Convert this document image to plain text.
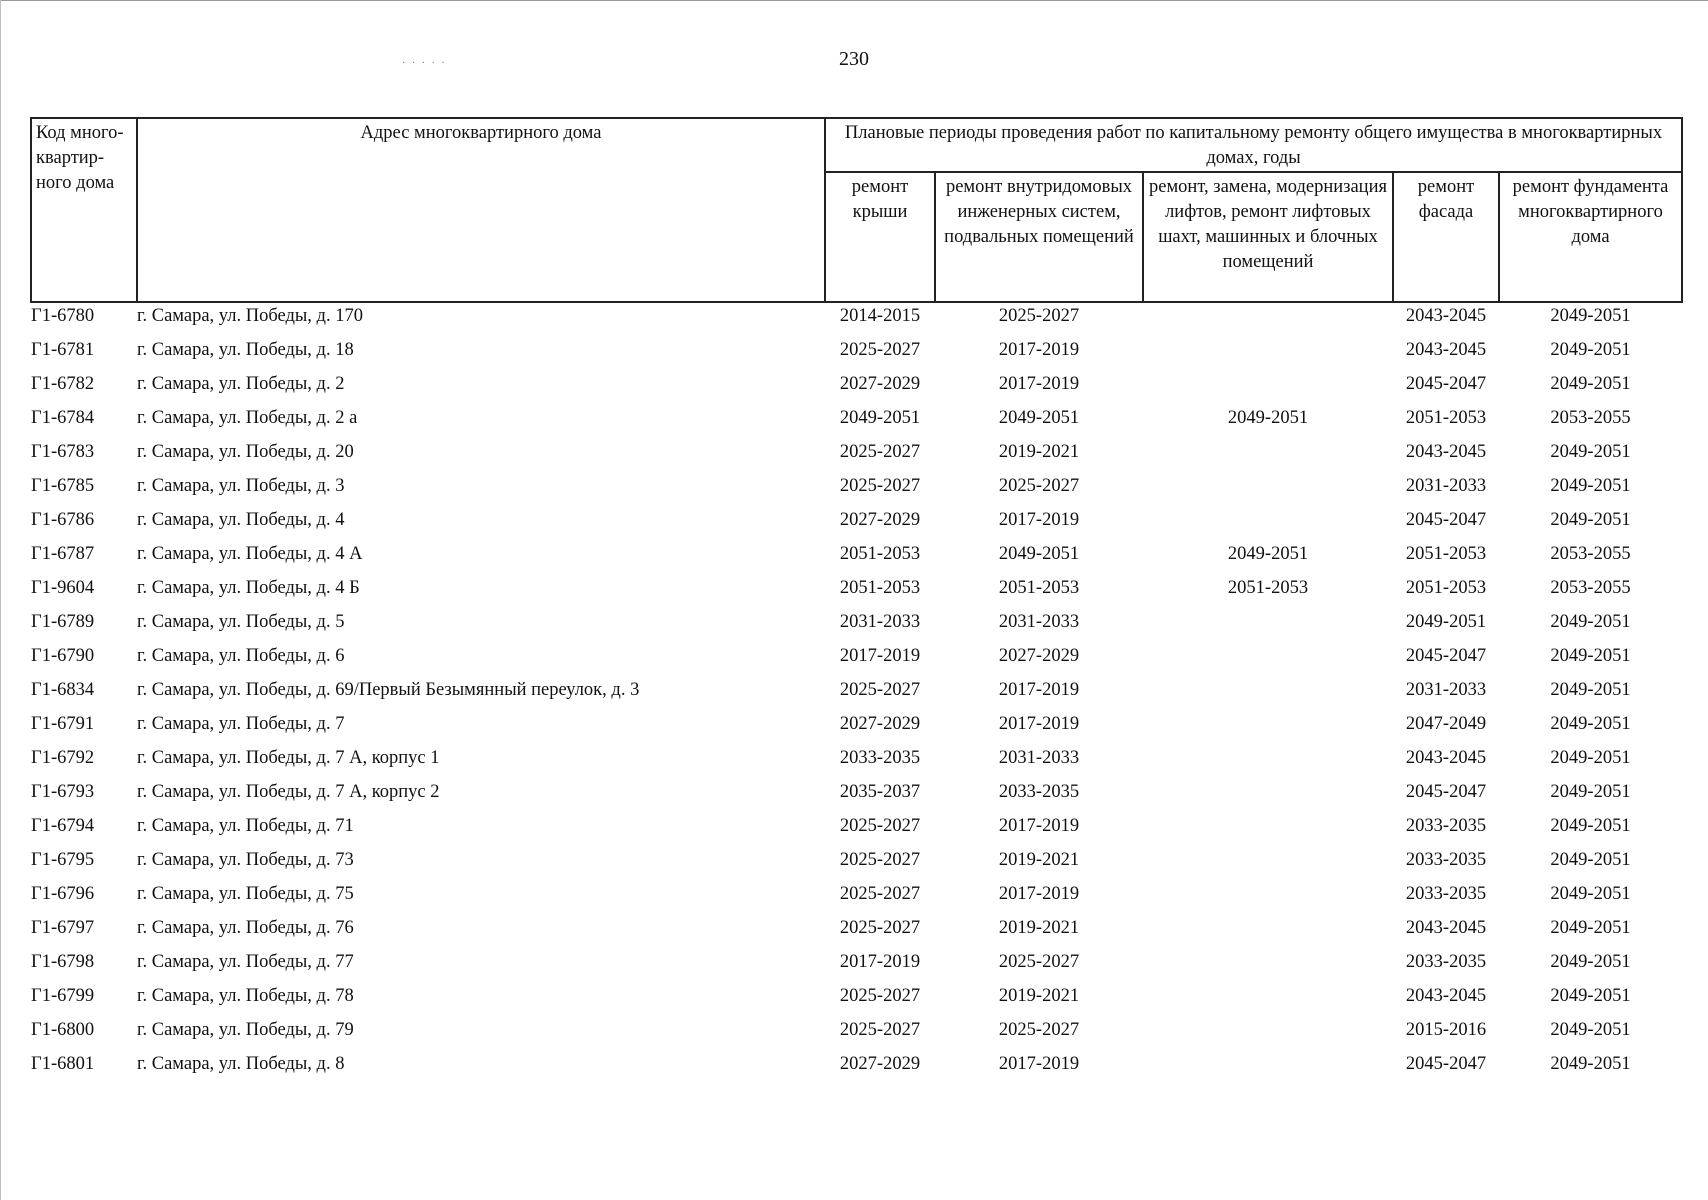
230
· · · · ·
Код много-квартир-ного дома	Адрес многоквартирного дома	Плановые периоды проведения работ по капитальному ремонту общего имущества в многоквартирных домах, годы				
		ремонт крыши	ремонт внутридомовых инженерных систем, подвальных помещений	ремонт, замена, модернизация лифтов, ремонт лифтовых шахт, машинных и блочных помещений	ремонт фасада	ремонт фундамента многоквартирного дома
Г1-6780	г. Самара, ул. Победы, д. 170	2014-2015	2025-2027		2043-2045	2049-2051
Г1-6781	г. Самара, ул. Победы, д. 18	2025-2027	2017-2019		2043-2045	2049-2051
Г1-6782	г. Самара, ул. Победы, д. 2	2027-2029	2017-2019		2045-2047	2049-2051
Г1-6784	г. Самара, ул. Победы, д. 2 а	2049-2051	2049-2051	2049-2051	2051-2053	2053-2055
Г1-6783	г. Самара, ул. Победы, д. 20	2025-2027	2019-2021		2043-2045	2049-2051
Г1-6785	г. Самара, ул. Победы, д. 3	2025-2027	2025-2027		2031-2033	2049-2051
Г1-6786	г. Самара, ул. Победы, д. 4	2027-2029	2017-2019		2045-2047	2049-2051
Г1-6787	г. Самара, ул. Победы, д. 4 А	2051-2053	2049-2051	2049-2051	2051-2053	2053-2055
Г1-9604	г. Самара, ул. Победы, д. 4 Б	2051-2053	2051-2053	2051-2053	2051-2053	2053-2055
Г1-6789	г. Самара, ул. Победы, д. 5	2031-2033	2031-2033		2049-2051	2049-2051
Г1-6790	г. Самара, ул. Победы, д. 6	2017-2019	2027-2029		2045-2047	2049-2051
Г1-6834	г. Самара, ул. Победы, д. 69/Первый Безымянный переулок, д. 3	2025-2027	2017-2019		2031-2033	2049-2051
Г1-6791	г. Самара, ул. Победы, д. 7	2027-2029	2017-2019		2047-2049	2049-2051
Г1-6792	г. Самара, ул. Победы, д. 7 А, корпус 1	2033-2035	2031-2033		2043-2045	2049-2051
Г1-6793	г. Самара, ул. Победы, д. 7 А, корпус 2	2035-2037	2033-2035		2045-2047	2049-2051
Г1-6794	г. Самара, ул. Победы, д. 71	2025-2027	2017-2019		2033-2035	2049-2051
Г1-6795	г. Самара, ул. Победы, д. 73	2025-2027	2019-2021		2033-2035	2049-2051
Г1-6796	г. Самара, ул. Победы, д. 75	2025-2027	2017-2019		2033-2035	2049-2051
Г1-6797	г. Самара, ул. Победы, д. 76	2025-2027	2019-2021		2043-2045	2049-2051
Г1-6798	г. Самара, ул. Победы, д. 77	2017-2019	2025-2027		2033-2035	2049-2051
Г1-6799	г. Самара, ул. Победы, д. 78	2025-2027	2019-2021		2043-2045	2049-2051
Г1-6800	г. Самара, ул. Победы, д. 79	2025-2027	2025-2027		2015-2016	2049-2051
Г1-6801	г. Самара, ул. Победы, д. 8	2027-2029	2017-2019		2045-2047	2049-2051
